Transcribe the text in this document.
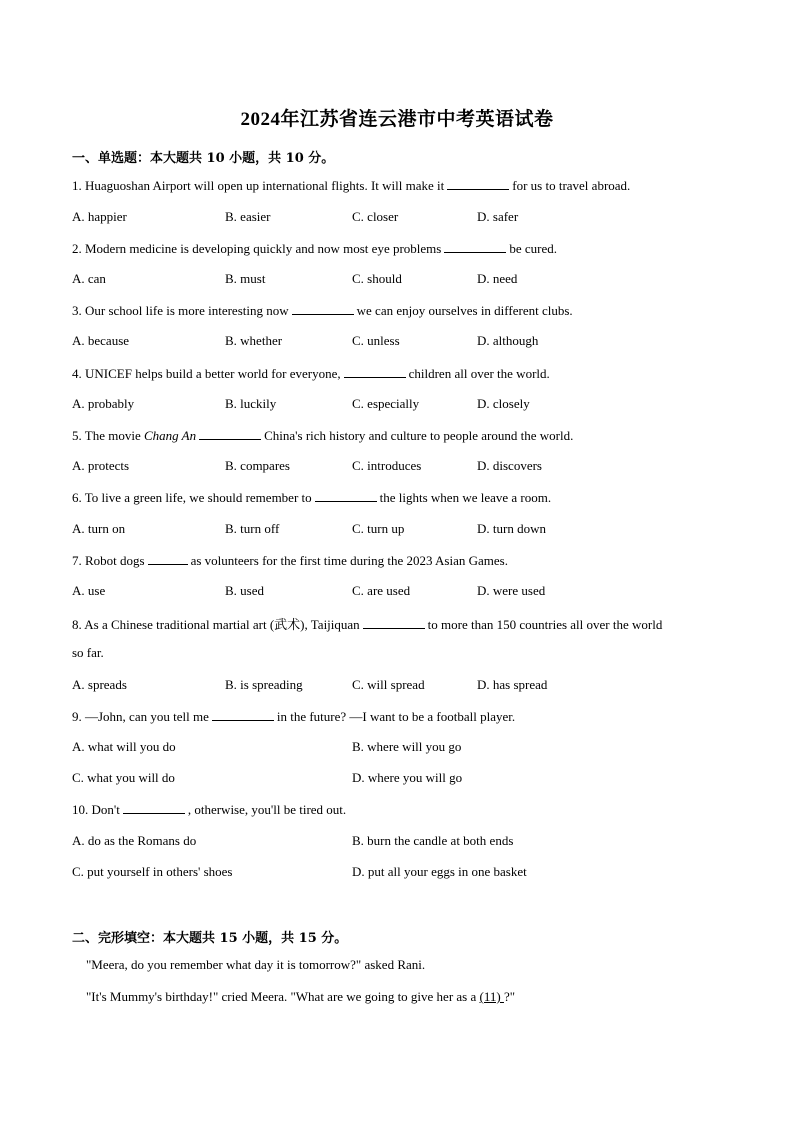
2024年江苏省连云港市中考英语试卷
一、单选题：本大题共 10 小题，共 10 分。
1. Huaguoshan Airport will open up international flights. It will make it	for us to travel abroad.
A. happier	B. easier	C. closer	D. safer
2. Modern medicine is developing quickly and now most eye problems	be cured.
A. can	B. must	C. should	D. need
3. Our school life is more interesting now	we can enjoy ourselves in different clubs.
A. because	B. whether	C. unless	D. although
4. UNICEF helps build a better world for everyone,	children all over the world.
A. probably	B. luckily	C. especially	D. closely
5. The movie Chang An	China's rich history and culture to people around the world.
A. protects	B. compares	C. introduces	D. discovers
6. To live a green life, we should remember to	the lights when we leave a room.
A. turn on	B. turn off	C. turn up	D. turn down
7. Robot dogs	as volunteers for the first time during the 2023 Asian Games.
A. use	B. used	C. are used	D. were used
8. As a Chinese traditional martial art (武术), Taijiquan	to more than 150 countries all over the world
so far.
A. spreads	B. is spreading	C. will spread	D. has spread
9. —John, can you tell me	in the future? —I want to be a football player.
A. what will you do	B. where will you go
C. what you will do	D. where you will go
10. Don't	, otherwise, you'll be tired out.
A. do as the Romans do	B. burn the candle at both ends
C. put yourself in others' shoes	D. put all your eggs in one basket
二、完形填空：本大题共 15 小题，共 15 分。
"Meera, do you remember what day it is tomorrow?" asked Rani.
"It's Mummy's birthday!" cried Meera. "What are we going to give her as a (11) ?"
